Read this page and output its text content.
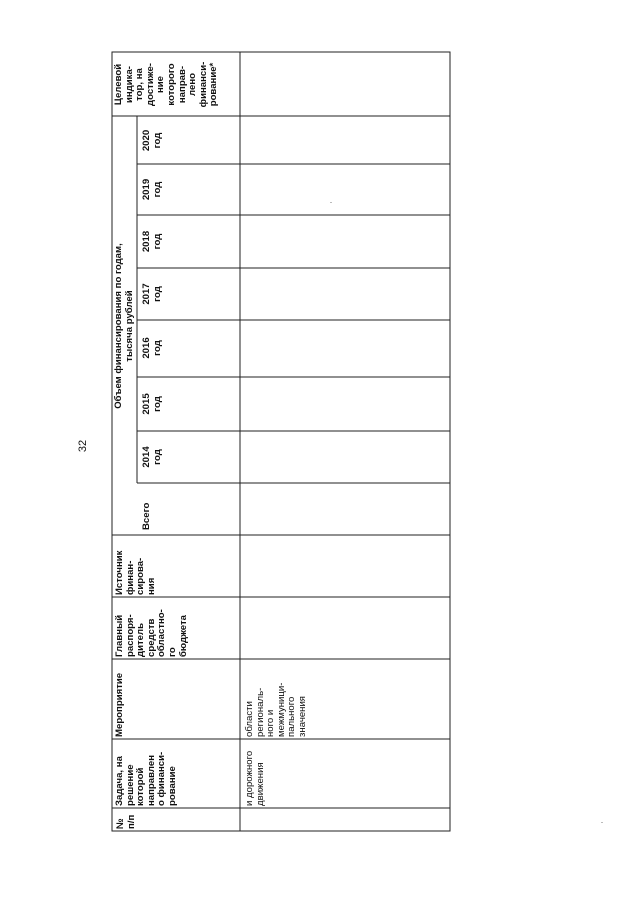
32
№
п/п
Задача, на
решение
которой
направлен
о финанси-
рование
Мероприятие
Главный
распоря-
дитель
средств
областно-
го
бюджета
Источник
финан-
сирова-
ния
Объем финансирования по годам,
тысяча рублей
Всего
2014
год
2015
год
2016
год
2017
год
2018
год
2019
год
2020
год
Целевой
индика-
тор, на
достиже-
ние
которого
направ-
лено
финанси-
рование*
и дорожного
движения
области
региональ-
ного и
межмуници-
пального
значения
